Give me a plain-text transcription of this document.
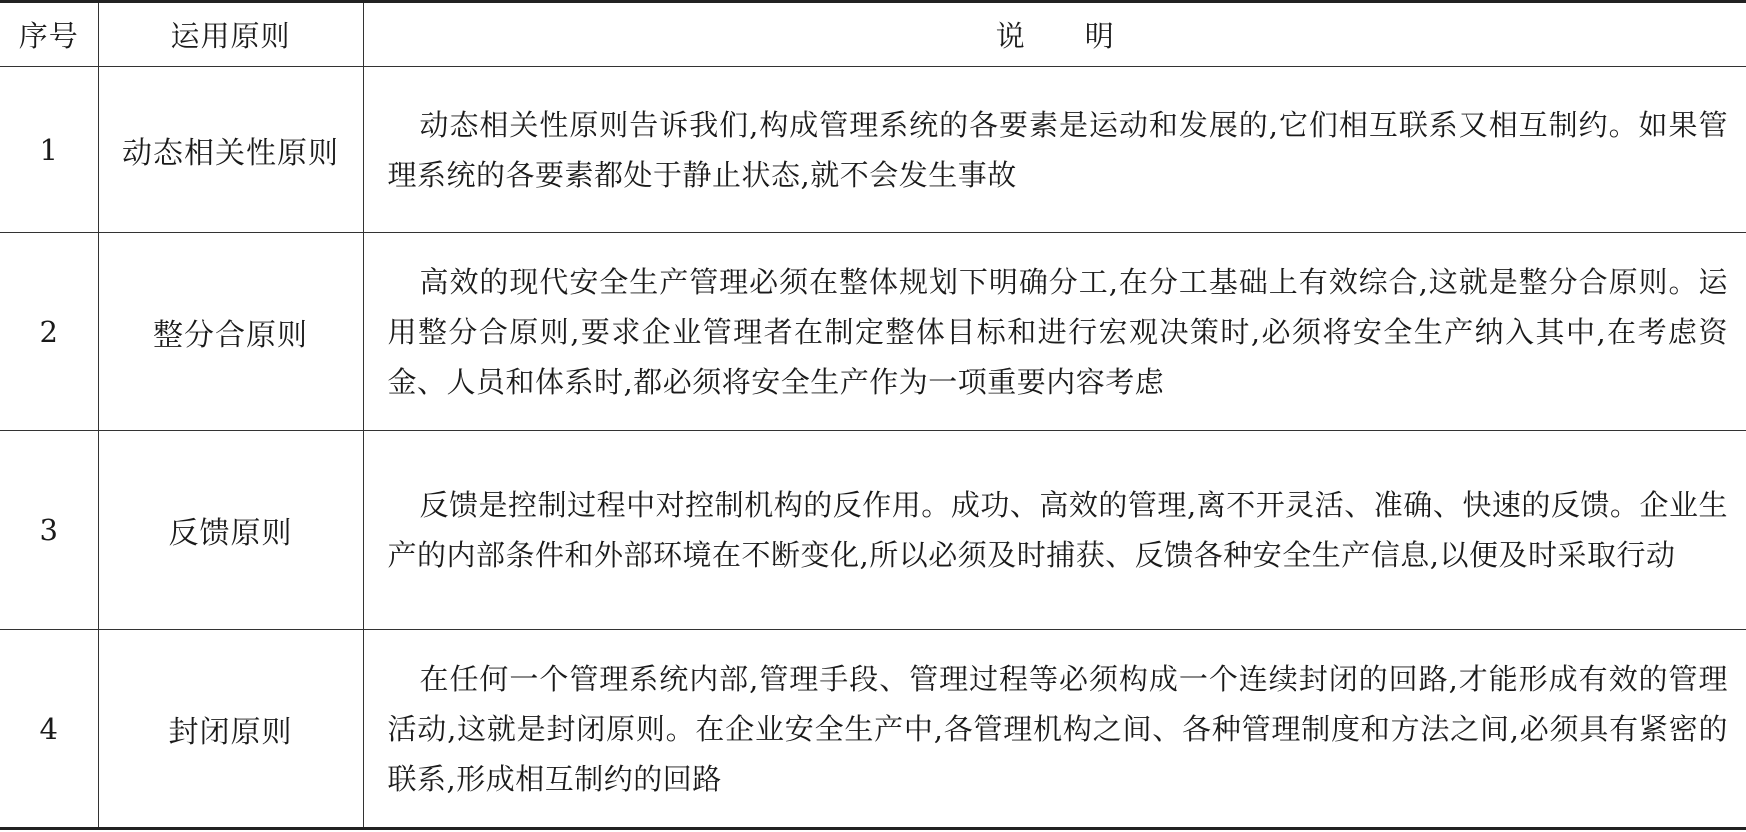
序号	运用原则	说明
1	动态相关性原则	动态相关性原则告诉我们,构成管理系统的各要素是运动和发展的,它们相互联系又相互制约。如果管理系统的各要素都处于静止状态,就不会发生事故
2	整分合原则	高效的现代安全生产管理必须在整体规划下明确分工,在分工基础上有效综合,这就是整分合原则。运用整分合原则,要求企业管理者在制定整体目标和进行宏观决策时,必须将安全生产纳入其中,在考虑资金、人员和体系时,都必须将安全生产作为一项重要内容考虑
3	反馈原则	反馈是控制过程中对控制机构的反作用。成功、高效的管理,离不开灵活、准确、快速的反馈。企业生产的内部条件和外部环境在不断变化,所以必须及时捕获、反馈各种安全生产信息,以便及时采取行动
4	封闭原则	在任何一个管理系统内部,管理手段、管理过程等必须构成一个连续封闭的回路,才能形成有效的管理活动,这就是封闭原则。在企业安全生产中,各管理机构之间、各种管理制度和方法之间,必须具有紧密的联系,形成相互制约的回路
